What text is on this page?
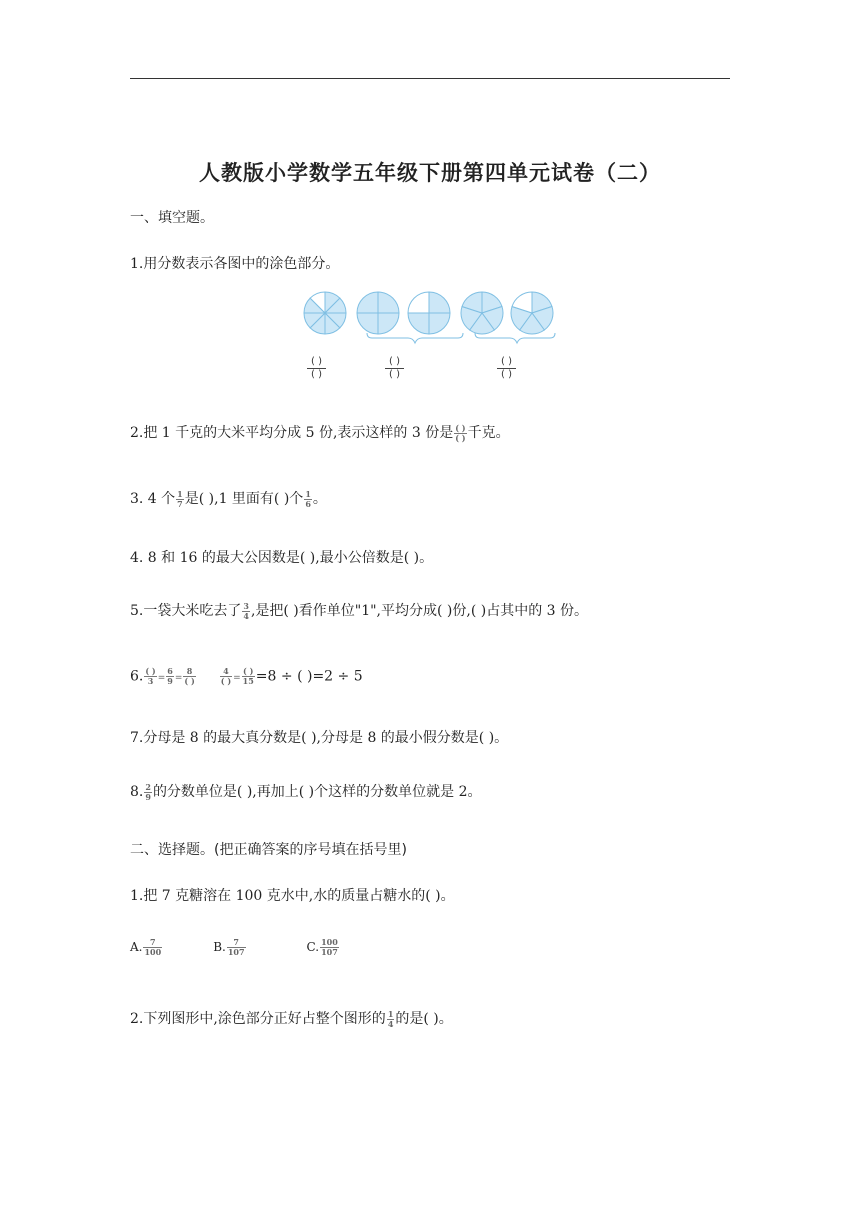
人教版小学数学五年级下册第四单元试卷（二）
一、填空题。
1.用分数表示各图中的涂色部分。
( )
( )
( )
( )
( )
( )
2.把 1 千克的大米平均分成 5 份,表示这样的 3 份是 $\frac{( )}{( )}$ 千克。
3. 4 个 $\frac{1}{7}$ 是( ),1 里面有( )个 $\frac{1}{6}$ 。
4. 8 和 16 的最大公因数是( ),最小公倍数是( )。
5.一袋大米吃去了 $\frac{3}{4}$ ,是把( )看作单位"1",平均分成( )份,( )占其中的 3 份。
6. $\frac{( )}{3} = \frac{6}{9} = \frac{8}{( )}$	$\frac{4}{( )} = \frac{( )}{15} =8$ ÷ ( )=2 ÷ 5
7.分母是 8 的最大真分数是( ),分母是 8 的最小假分数是( )。
8. $\frac{2}{9}$ 的分数单位是( ),再加上( )个这样的分数单位就是 2。
二、选择题。(把正确答案的序号填在括号里)
1.把 7 克糖溶在 100 克水中,水的质量占糖水的( )。
A. $\frac{7}{100}$	B. $\frac{7}{107}$	C. $\frac{100}{107}$
2.下列图形中,涂色部分正好占整个图形的 $\frac{1}{4}$ 的是( )。
